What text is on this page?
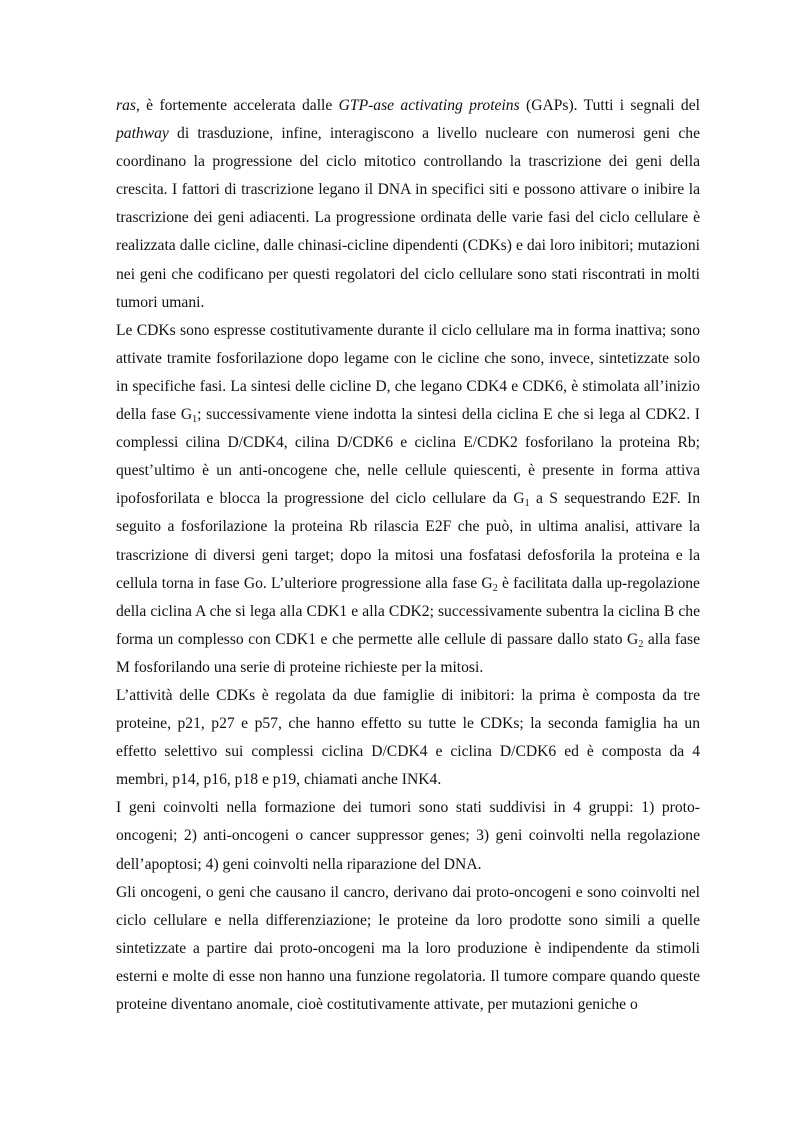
ras, è fortemente accelerata dalle GTP-ase activating proteins (GAPs). Tutti i segnali del pathway di trasduzione, infine, interagiscono a livello nucleare con numerosi geni che coordinano la progressione del ciclo mitotico controllando la trascrizione dei geni della crescita. I fattori di trascrizione legano il DNA in specifici siti e possono attivare o inibire la trascrizione dei geni adiacenti. La progressione ordinata delle varie fasi del ciclo cellulare è realizzata dalle cicline, dalle chinasi-cicline dipendenti (CDKs) e dai loro inibitori; mutazioni nei geni che codificano per questi regolatori del ciclo cellulare sono stati riscontrati in molti tumori umani.

Le CDKs sono espresse costitutivamente durante il ciclo cellulare ma in forma inattiva; sono attivate tramite fosforilazione dopo legame con le cicline che sono, invece, sintetizzate solo in specifiche fasi. La sintesi delle cicline D, che legano CDK4 e CDK6, è stimolata all’inizio della fase $G_1$; successivamente viene indotta la sintesi della ciclina E che si lega al CDK2. I complessi cilina D/CDK4, cilina D/CDK6 e ciclina E/CDK2 fosforilano la proteina Rb; quest’ultimo è un anti-oncogene che, nelle cellule quiescenti, è presente in forma attiva ipofosforilata e blocca la progressione del ciclo cellulare da $G_1$ a S sequestrando E2F. In seguito a fosforilazione la proteina Rb rilascia E2F che può, in ultima analisi, attivare la trascrizione di diversi geni target; dopo la mitosi una fosfatasi defosforila la proteina e la cellula torna in fase Go. L’ulteriore progressione alla fase $G_2$ è facilitata dalla up-regolazione della ciclina A che si lega alla CDK1 e alla CDK2; successivamente subentra la ciclina B che forma un complesso con CDK1 e che permette alle cellule di passare dallo stato $G_2$ alla fase M fosforilando una serie di proteine richieste per la mitosi.

L’attività delle CDKs è regolata da due famiglie di inibitori: la prima è composta da tre proteine, p21, p27 e p57, che hanno effetto su tutte le CDKs; la seconda famiglia ha un effetto selettivo sui complessi ciclina D/CDK4 e ciclina D/CDK6 ed è composta da 4 membri, p14, p16, p18 e p19, chiamati anche INK4.

I geni coinvolti nella formazione dei tumori sono stati suddivisi in 4 gruppi: 1) proto-oncogeni; 2) anti-oncogeni o cancer suppressor genes; 3) geni coinvolti nella regolazione dell’apoptosi; 4) geni coinvolti nella riparazione del DNA.

Gli oncogeni, o geni che causano il cancro, derivano dai proto-oncogeni e sono coinvolti nel ciclo cellulare e nella differenziazione; le proteine da loro prodotte sono simili a quelle sintetizzate a partire dai proto-oncogeni ma la loro produzione è indipendente da stimoli esterni e molte di esse non hanno una funzione regolatoria. Il tumore compare quando queste proteine diventano anomale, cioè costitutivamente attivate, per mutazioni geniche o
